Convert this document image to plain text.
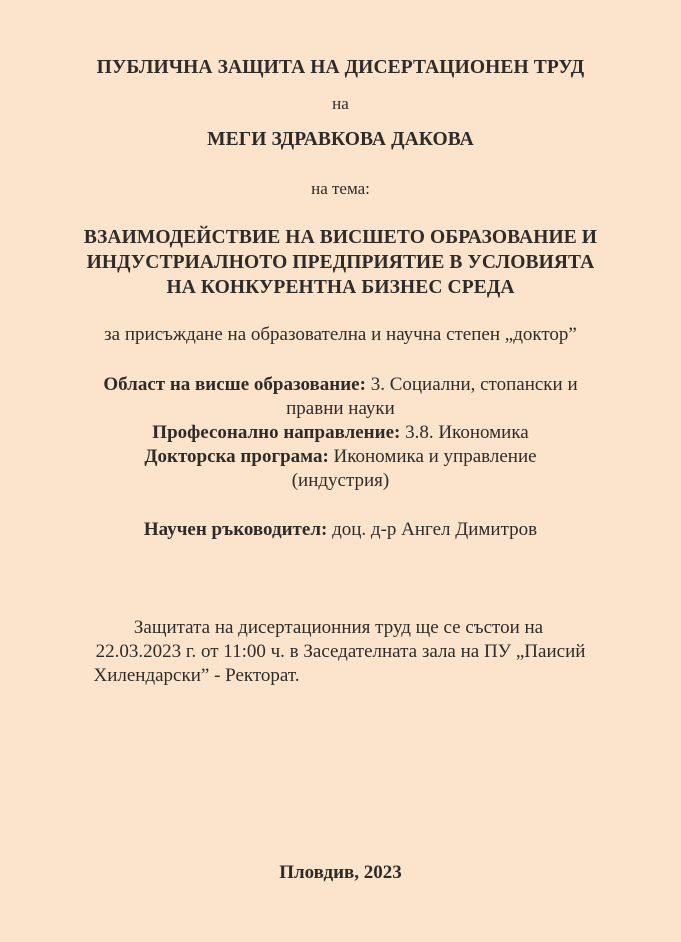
ПУБЛИЧНА ЗАЩИТА НА ДИСЕРТАЦИОНЕН ТРУД
на
МЕГИ ЗДРАВКОВА ДАКОВА
на тема:
ВЗАИМОДЕЙСТВИЕ НА ВИСШЕТО ОБРАЗОВАНИЕ И
ИНДУСТРИАЛНОТО ПРЕДПРИЯТИЕ В УСЛОВИЯТА
НА КОНКУРЕНТНА БИЗНЕС СРЕДА
за присъждане на образователна и научна степен „доктор”
Област на висше образование: 3. Социални, стопански и
правни науки
Професонално направление: 3.8. Икономика
Докторска програма: Икономика и управление
(индустрия)
Научен ръководител: доц. д-р Ангел Димитров
Защитата на дисертационния труд ще се състои на
22.03.2023 г. от 11:00 ч. в Заседателната зала на ПУ „Паисий
Хилендарски” - Ректорат.
Пловдив, 2023
